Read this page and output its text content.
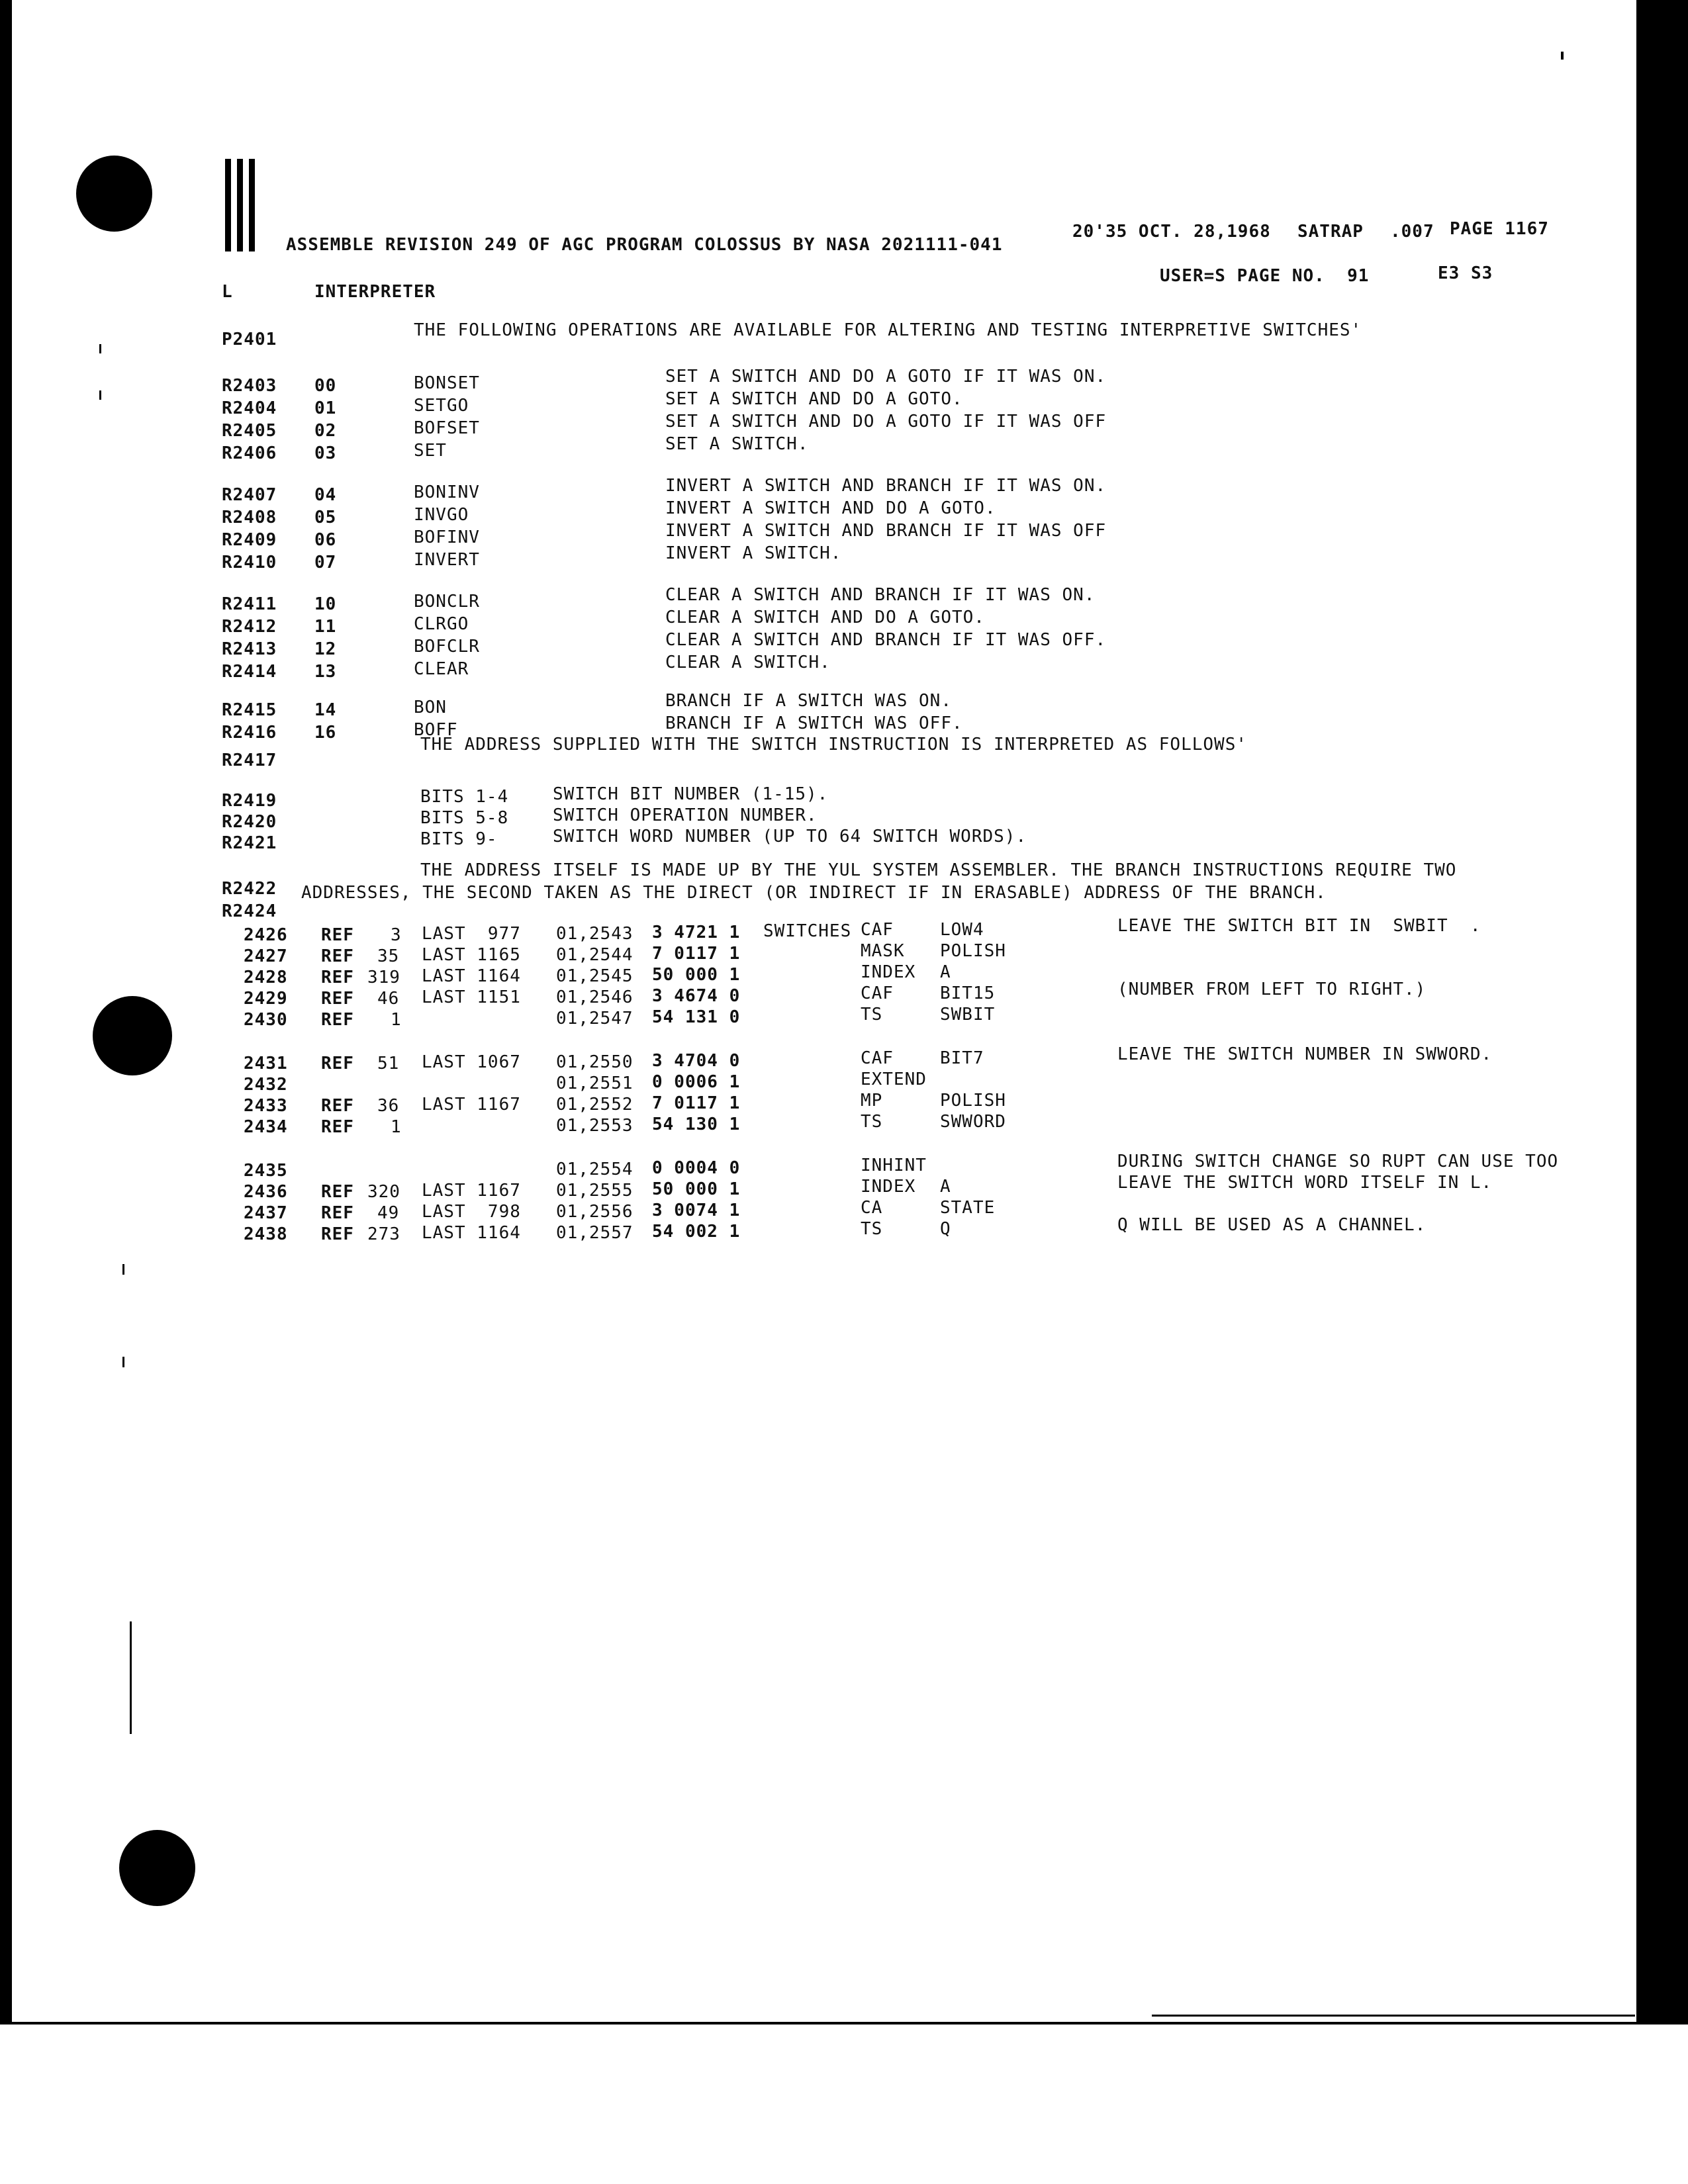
ASSEMBLE REVISION 249 OF AGC PROGRAM COLOSSUS BY NASA 2021111-041

20'35 OCT. 28,1968

SATRAP

.007

PAGE 1167

USER=S PAGE NO.  91

	E3 S3

L

	INTERPRETER

P2401

	THE FOLLOWING OPERATIONS ARE AVAILABLE FOR ALTERING AND TESTING INTERPRETIVE SWITCHES'

R2403 00	BONSET	SET A SWITCH AND DO A GOTO IF IT WAS ON.
R2404 01	SETGO	SET A SWITCH AND DO A GOTO.
R2405 02	BOFSET	SET A SWITCH AND DO A GOTO IF IT WAS OFF
R2406 03	SET	SET A SWITCH.
R2407 04	BONINV	INVERT A SWITCH AND BRANCH IF IT WAS ON.
R2408 05	INVGO	INVERT A SWITCH AND DO A GOTO.
R2409 06	BOFINV	INVERT A SWITCH AND BRANCH IF IT WAS OFF
R2410 07	INVERT	INVERT A SWITCH.
R2411 10	BONCLR	CLEAR A SWITCH AND BRANCH IF IT WAS ON.
R2412 11	CLRGO	CLEAR A SWITCH AND DO A GOTO.
R2413 12	BOFCLR	CLEAR A SWITCH AND BRANCH IF IT WAS OFF.
R2414 13	CLEAR	CLEAR A SWITCH.
R2415 14	BON	BRANCH IF A SWITCH WAS ON.
R2416 16	BOFF	BRANCH IF A SWITCH WAS OFF.

R2417

THE ADDRESS SUPPLIED WITH THE SWITCH INSTRUCTION IS INTERPRETED AS FOLLOWS'

R2419	BITS 1-4	SWITCH BIT NUMBER (1-15).
R2420	BITS 5-8	SWITCH OPERATION NUMBER.
R2421	BITS 9-	SWITCH WORD NUMBER (UP TO 64 SWITCH WORDS).

R2422

THE ADDRESS ITSELF IS MADE UP BY THE YUL SYSTEM ASSEMBLER. THE BRANCH INSTRUCTIONS REQUIRE TWO

R2424

ADDRESSES, THE SECOND TAKEN AS THE DIRECT (OR INDIRECT IF IN ERASABLE) ADDRESS OF THE BRANCH.

2426 REF 3 LAST  977 01,2543 3 4721 1 SWITCHES CAF	LOW4	LEAVE THE SWITCH BIT IN  SWBIT  .
2427 REF 35 LAST 1165 01,2544 7 0117 1	MASK POLISH
2428 REF 319 LAST 1164 01,2545 50 000 1	INDEX A
2429 REF 46 LAST 1151 01,2546 3 4674 0	CAF	BIT15	(NUMBER FROM LEFT TO RIGHT.)
2430 REF 1	01,2547 54 131 0	TS	SWBIT
2431 REF 51 LAST 1067 01,2550 3 4704 0	CAF	BIT7	LEAVE THE SWITCH NUMBER IN SWWORD.
2432	01,2551 0 0006 1	EXTEND
2433 REF 36 LAST 1167 01,2552 7 0117 1	MP	POLISH
2434 REF 1	01,2553 54 130 1	TS	SWWORD
2435	01,2554 0 0004 0	INHINT	DURING SWITCH CHANGE SO RUPT CAN USE TOO
2436 REF 320 LAST 1167 01,2555 50 000 1	INDEX A	LEAVE THE SWITCH WORD ITSELF IN L.
2437 REF 49 LAST  798 01,2556 3 0074 1	CA	STATE
2438 REF 273 LAST 1164 01,2557 54 002 1	TS	Q	Q WILL BE USED AS A CHANNEL.
